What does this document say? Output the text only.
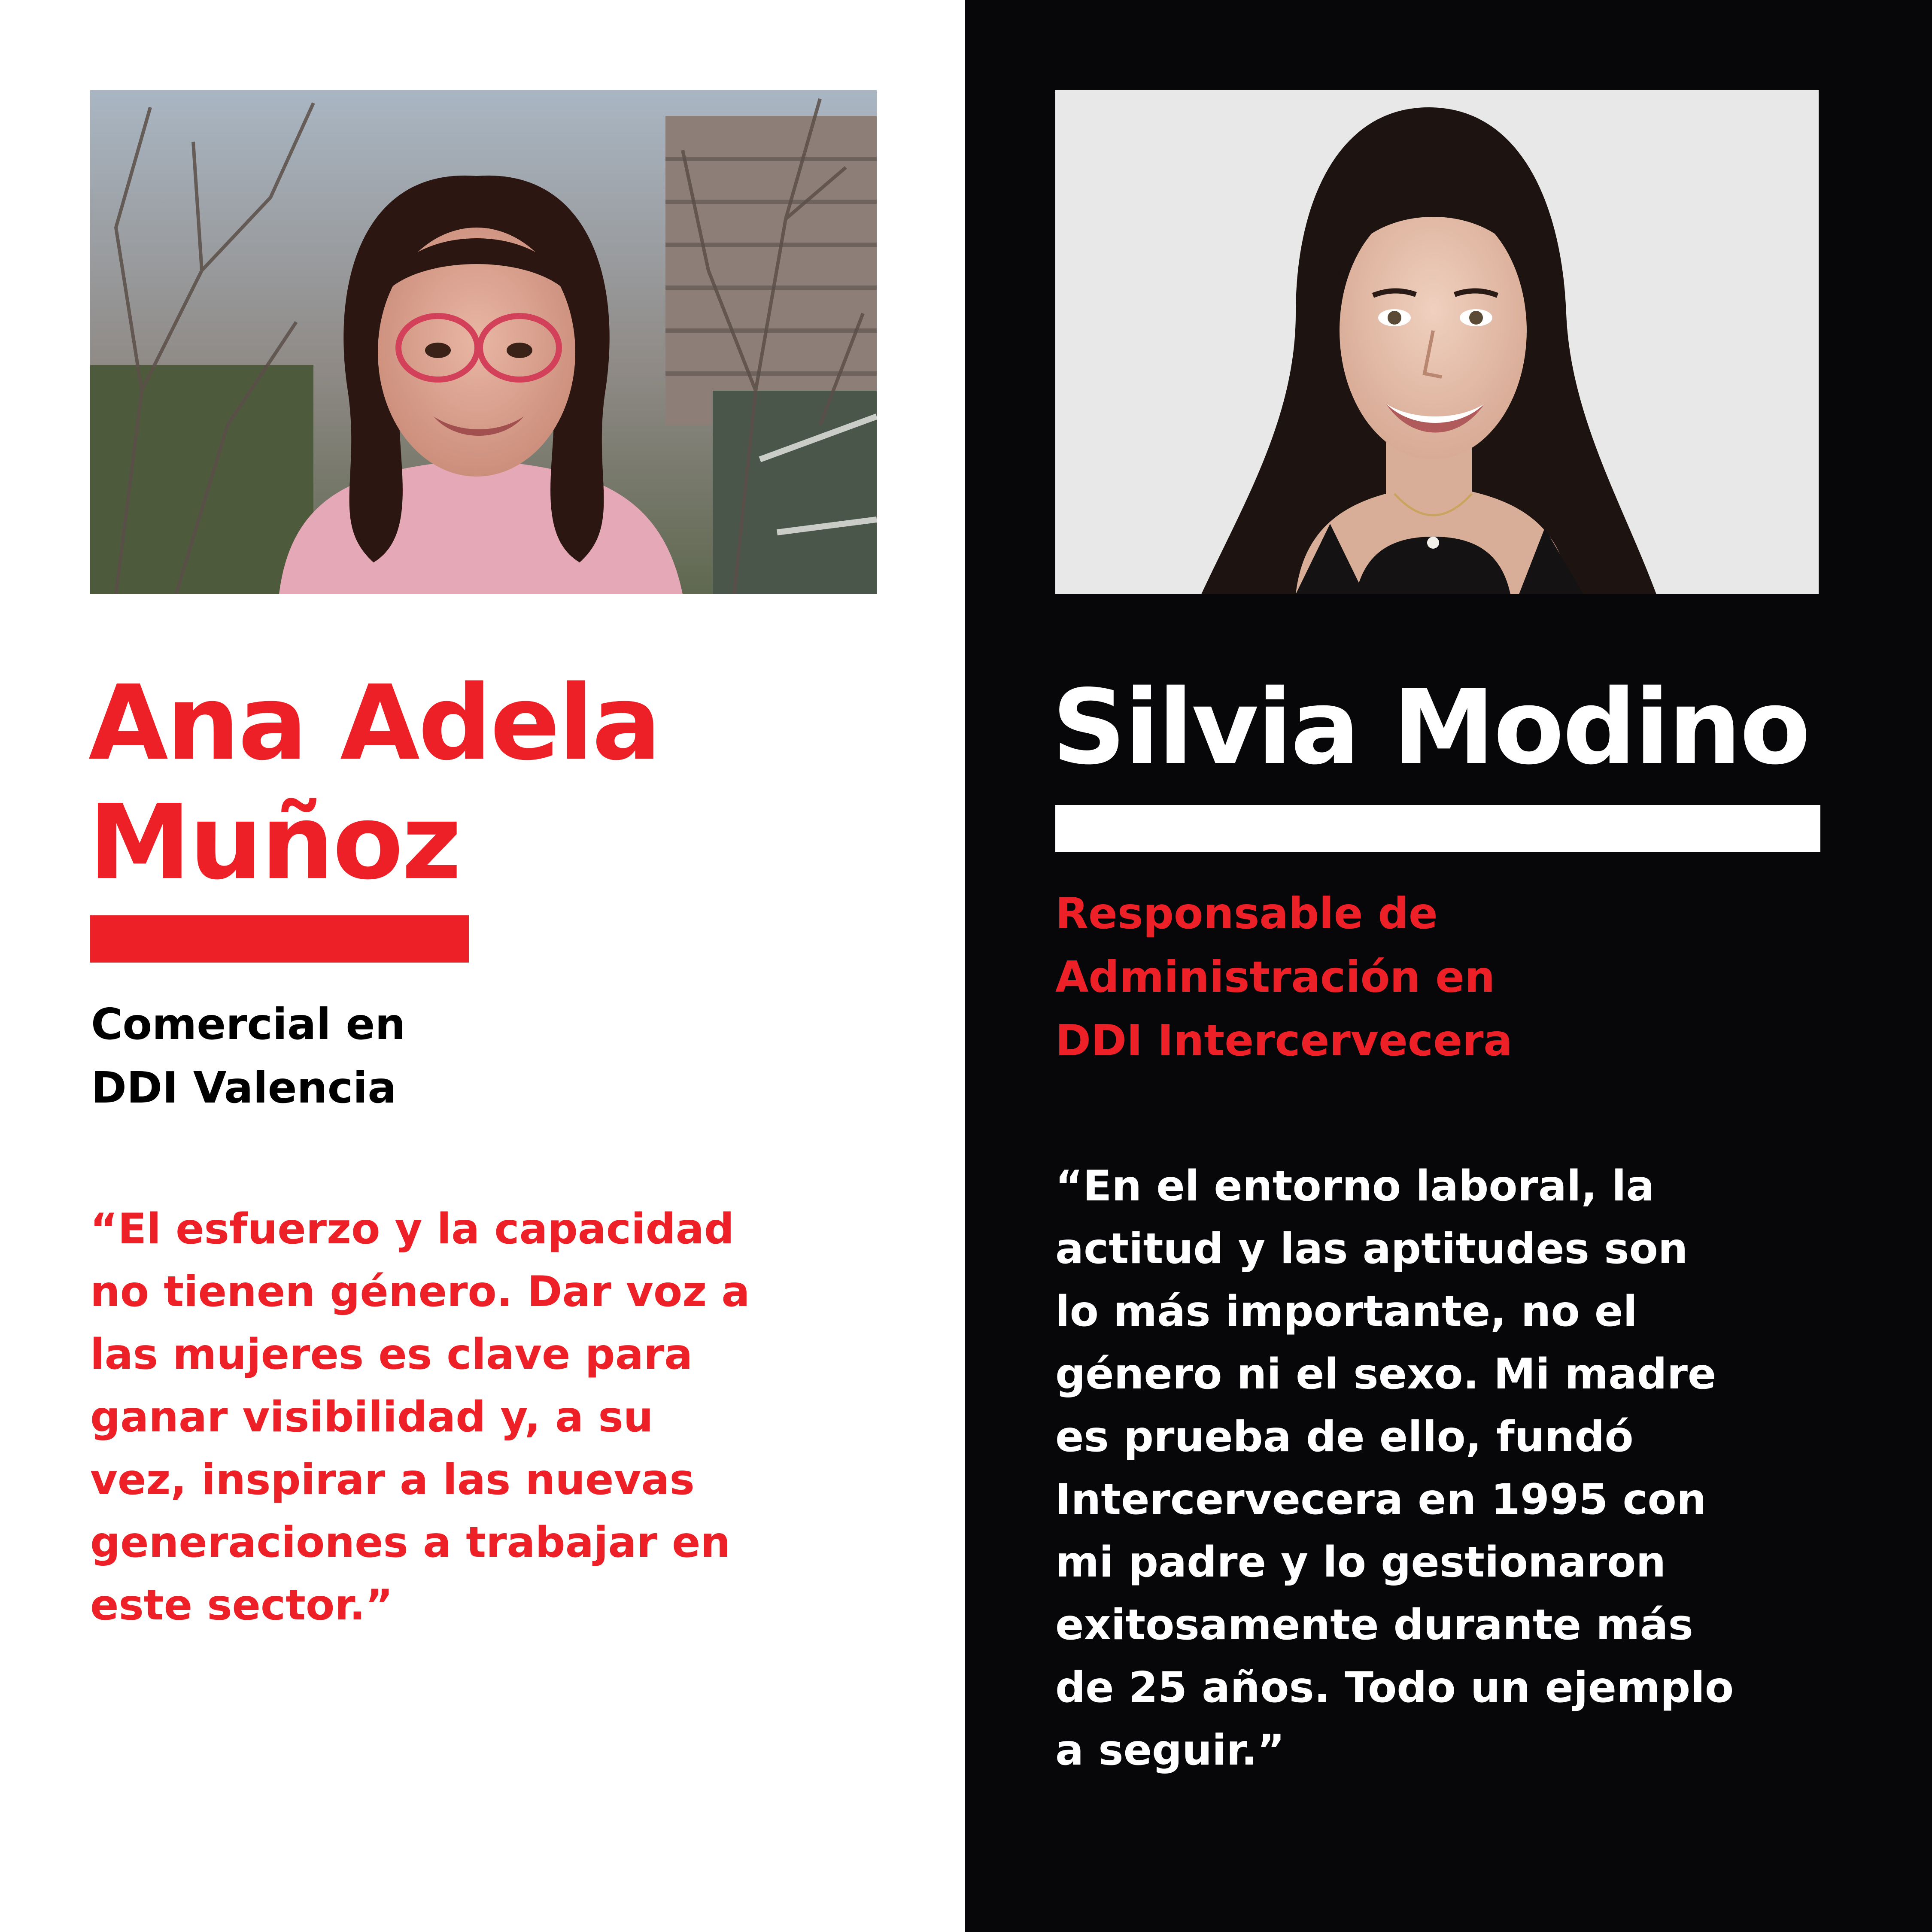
Ana Adela
Muñoz

Comercial en
DDI Valencia

“El esfuerzo y la capacidad
no tienen género. Dar voz a
las mujeres es clave para
ganar visibilidad y, a su
vez, inspirar a las nuevas
generaciones a trabajar en
este sector.”

Silvia Modino

Responsable de
Administración en
DDI Intercervecera

“En el entorno laboral, la
actitud y las aptitudes son
lo más importante, no el
género ni el sexo. Mi madre
es prueba de ello, fundó
Intercervecera en 1995 con
mi padre y lo gestionaron
exitosamente durante más
de 25 años. Todo un ejemplo
a seguir.”
